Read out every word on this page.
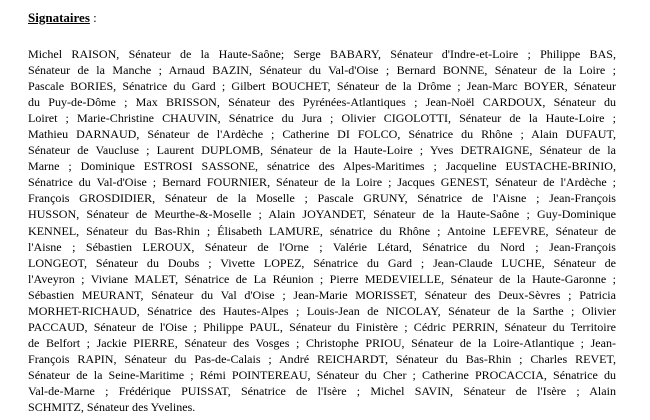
Signataires :

Michel RAISON, Sénateur de la Haute-Saône; Serge BABARY, Sénateur d'Indre-et-Loire ; Philippe BAS,
Sénateur de la Manche ; Arnaud BAZIN, Sénateur du Val-d'Oise ; Bernard BONNE, Sénateur de la Loire ;
Pascale BORIES, Sénatrice du Gard ; Gilbert BOUCHET, Sénateur de la Drôme ; Jean-Marc BOYER, Sénateur
du Puy-de-Dôme ; Max BRISSON, Sénateur des Pyrénées-Atlantiques ; Jean-Noël CARDOUX, Sénateur du
Loiret ; Marie-Christine CHAUVIN, Sénatrice du Jura ; Olivier CIGOLOTTI, Sénateur de la Haute-Loire ;
Mathieu DARNAUD, Sénateur de l'Ardèche ; Catherine DI FOLCO, Sénatrice du Rhône ; Alain DUFAUT,
Sénateur de Vaucluse ; Laurent DUPLOMB, Sénateur de la Haute-Loire ; Yves DETRAIGNE, Sénateur de la
Marne ; Dominique ESTROSI SASSONE, sénatrice des Alpes-Maritimes ; Jacqueline EUSTACHE-BRINIO,
Sénatrice du Val-d'Oise ; Bernard FOURNIER, Sénateur de la Loire ; Jacques GENEST, Sénateur de l'Ardèche ;
François GROSDIDIER, Sénateur de la Moselle ; Pascale GRUNY, Sénatrice de l'Aisne ; Jean-François
HUSSON, Sénateur de Meurthe-&-Moselle ; Alain JOYANDET, Sénateur de la Haute-Saône ; Guy-Dominique
KENNEL, Sénateur du Bas-Rhin ; Élisabeth LAMURE, sénatrice du Rhône ; Antoine LEFEVRE, Sénateur de
l'Aisne ; Sébastien LEROUX, Sénateur de l'Orne ; Valérie Létard, Sénatrice du Nord ; Jean-François
LONGEOT, Sénateur du Doubs ; Vivette LOPEZ, Sénatrice du Gard ; Jean-Claude LUCHE, Sénateur de
l'Aveyron ; Viviane MALET, Sénatrice de La Réunion ; Pierre MEDEVIELLE, Sénateur de la Haute-Garonne ;
Sébastien MEURANT, Sénateur du Val d'Oise ; Jean-Marie MORISSET, Sénateur des Deux-Sèvres ; Patricia
MORHET-RICHAUD, Sénatrice des Hautes-Alpes ; Louis-Jean de NICOLAY, Sénateur de la Sarthe ; Olivier
PACCAUD, Sénateur de l'Oise ; Philippe PAUL, Sénateur du Finistère ; Cédric PERRIN, Sénateur du Territoire
de Belfort ; Jackie PIERRE, Sénateur des Vosges ; Christophe PRIOU, Sénateur de la Loire-Atlantique ; Jean-
François RAPIN, Sénateur du Pas-de-Calais ; André REICHARDT, Sénateur du Bas-Rhin ; Charles REVET,
Sénateur de la Seine-Maritime ; Rémi POINTEREAU, Sénateur du Cher ; Catherine PROCACCIA, Sénatrice du
Val-de-Marne ; Frédérique PUISSAT, Sénatrice de l'Isère ; Michel SAVIN, Sénateur de l'Isère ; Alain
SCHMITZ, Sénateur des Yvelines.
